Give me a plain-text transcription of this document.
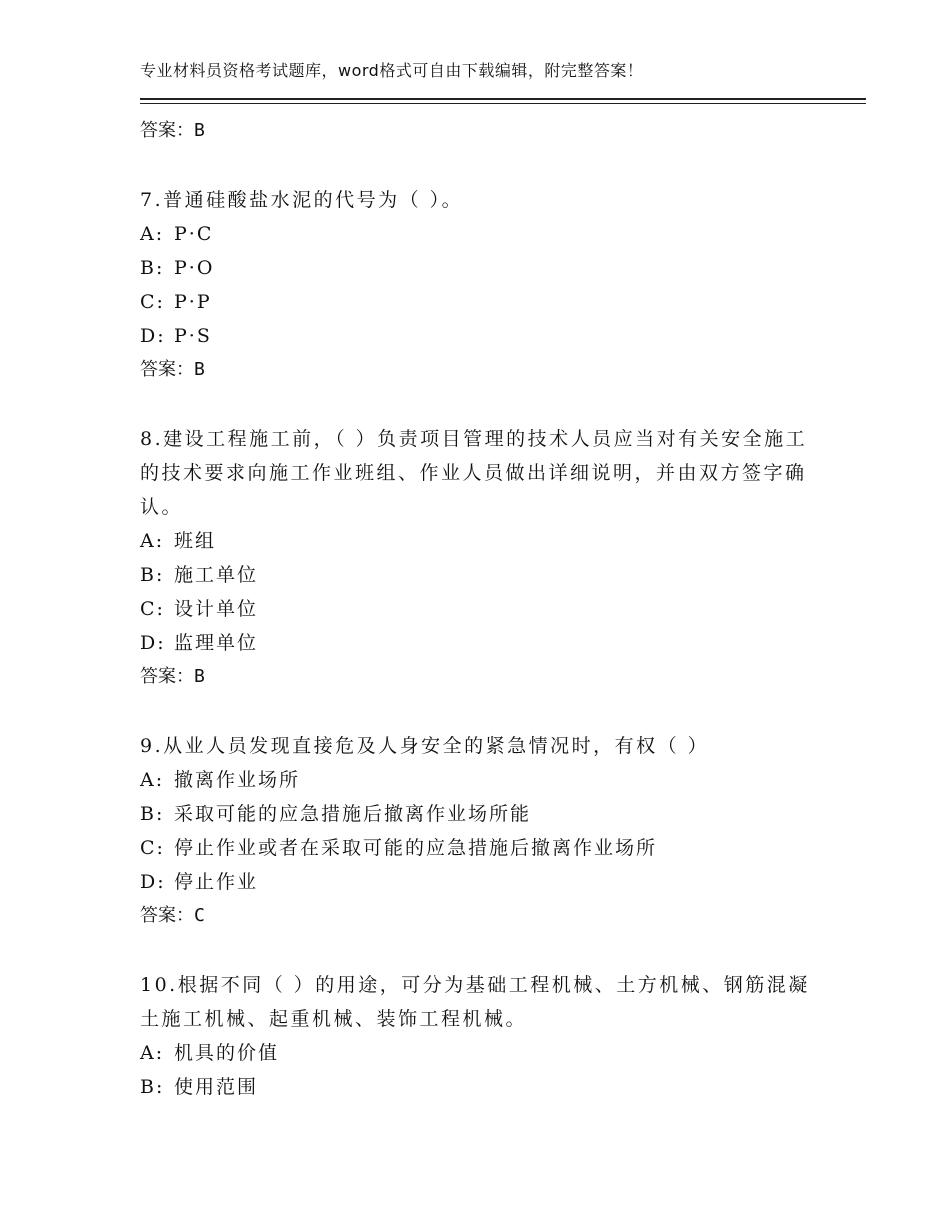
专业材料员资格考试题库，word格式可自由下载编辑，附完整答案！
答案：B
7.普通硅酸盐水泥的代号为（ ）。
A: P·C
B: P·O
C: P·P
D: P·S
答案：B
8.建设工程施工前，（ ）负责项目管理的技术人员应当对有关安全施工的技术要求向施工作业班组、作业人员做出详细说明，并由双方签字确认。
A: 班组
B: 施工单位
C: 设计单位
D: 监理单位
答案：B
9.从业人员发现直接危及人身安全的紧急情况时，有权（ ）
A: 撤离作业场所
B: 采取可能的应急措施后撤离作业场所能
C: 停止作业或者在采取可能的应急措施后撤离作业场所
D: 停止作业
答案：C
10.根据不同（ ）的用途，可分为基础工程机械、土方机械、钢筋混凝土施工机械、起重机械、装饰工程机械。
A: 机具的价值
B: 使用范围
